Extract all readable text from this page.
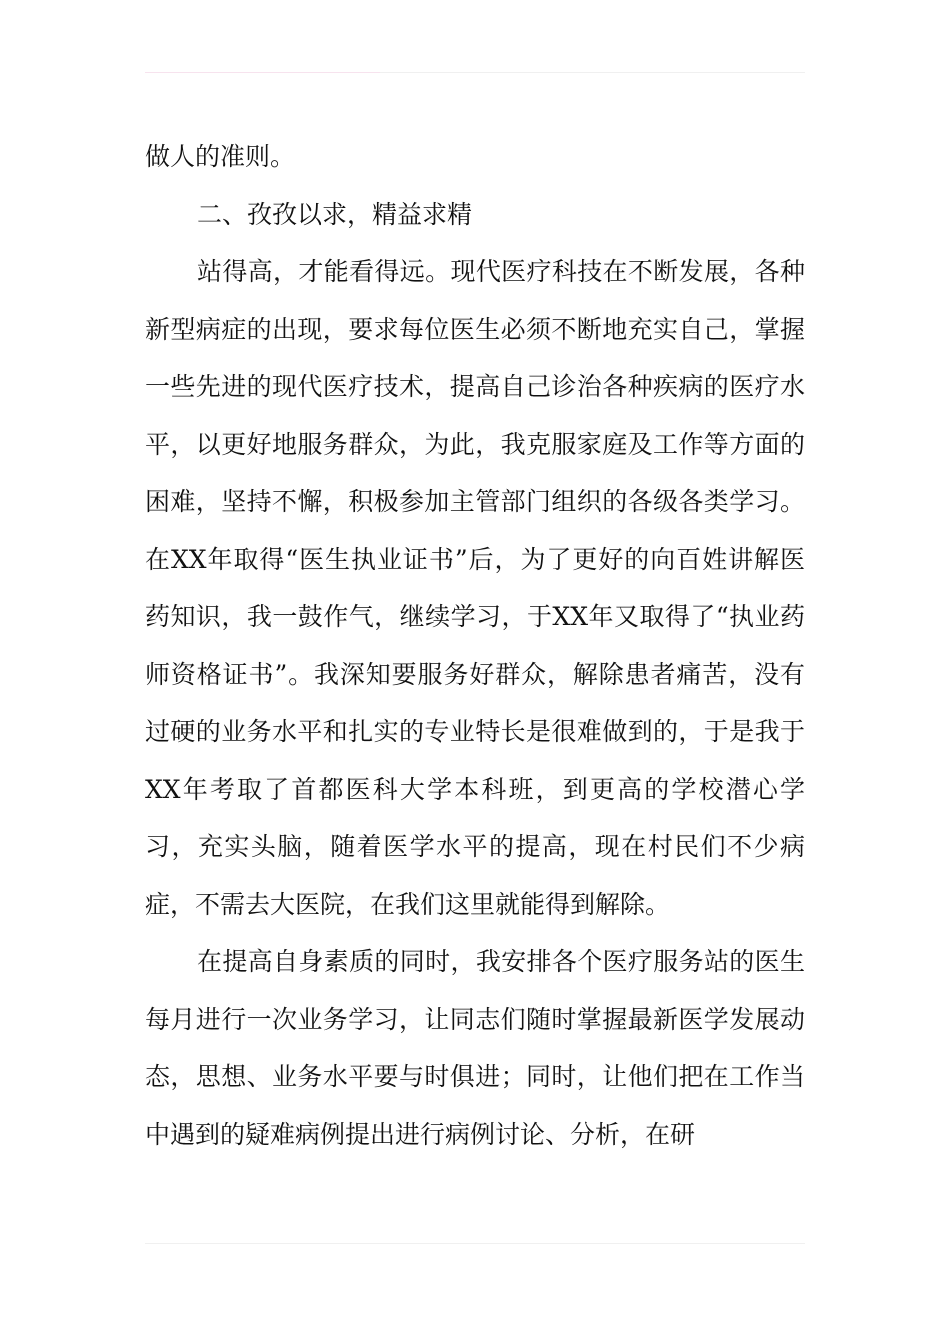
做人的准则。

二、孜孜以求，精益求精

站得高，才能看得远。现代医疗科技在不断发展，各种新型病症的出现，要求每位医生必须不断地充实自己，掌握一些先进的现代医疗技术，提高自己诊治各种疾病的医疗水平，以更好地服务群众，为此，我克服家庭及工作等方面的困难，坚持不懈，积极参加主管部门组织的各级各类学习。在XX年取得“医生执业证书”后，为了更好的向百姓讲解医药知识，我一鼓作气，继续学习，于XX年又取得了“执业药师资格证书”。我深知要服务好群众，解除患者痛苦，没有过硬的业务水平和扎实的专业特长是很难做到的，于是我于XX年考取了首都医科大学本科班，到更高的学校潜心学习，充实头脑，随着医学水平的提高，现在村民们不少病症，不需去大医院，在我们这里就能得到解除。

在提高自身素质的同时，我安排各个医疗服务站的医生每月进行一次业务学习，让同志们随时掌握最新医学发展动态，思想、业务水平要与时俱进；同时，让他们把在工作当中遇到的疑难病例提出进行病例讨论、分析，在研
